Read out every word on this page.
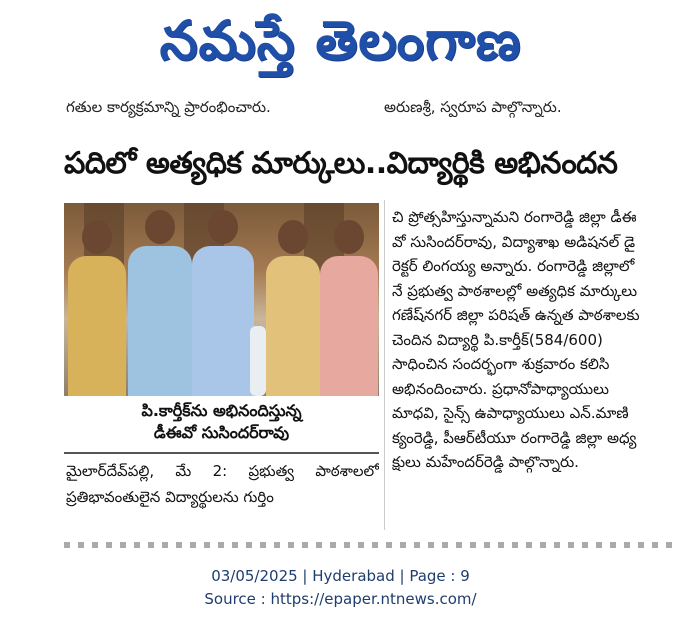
నమస్తే తెలంగాణ
గతుల కార్యక్రమాన్ని ప్రారంభించారు.	అరుణశ్రీ, స్వరూప పాల్గొన్నారు.
పదిలో అత్యధిక మార్కులు..విద్యార్థికి అభినందన
పి.కార్తీక్‌ను అభినందిస్తున్న
డీఈవో సుసిందర్‌రావు
మైలార్‌దేవ్‌పల్లి, మే 2: ప్రభుత్వ పాఠశాలలో ప్రతిభావంతులైన విద్యార్థులను గుర్తిం
చి ప్రోత్సహిస్తున్నామని రంగారెడ్డి జిల్లా డీఈ
వో సుసిందర్‌రావు, విద్యాశాఖ అడిషనల్ డై
రెక్టర్ లింగయ్య అన్నారు. రంగారెడ్డి జిల్లాలో
నే ప్రభుత్వ పాఠశాలల్లో అత్యధిక మార్కులు
గణేష్‌నగర్ జిల్లా పరిషత్ ఉన్నత పాఠశాలకు
చెందిన విద్యార్థి పి.కార్తీక్(584/600)
సాధించిన సందర్భంగా శుక్రవారం కలిసి
అభినందించారు. ప్రధానోపాధ్యాయులు
మాధవి, సైన్స్ ఉపాధ్యాయులు ఎన్.మాణి
క్యంరెడ్డి, పీఆర్‌టీయూ రంగారెడ్డి జిల్లా అధ్య
క్షులు మహేందర్‌రెడ్డి పాల్గొన్నారు.
03/05/2025 | Hyderabad | Page : 9
Source : https://epaper.ntnews.com/
